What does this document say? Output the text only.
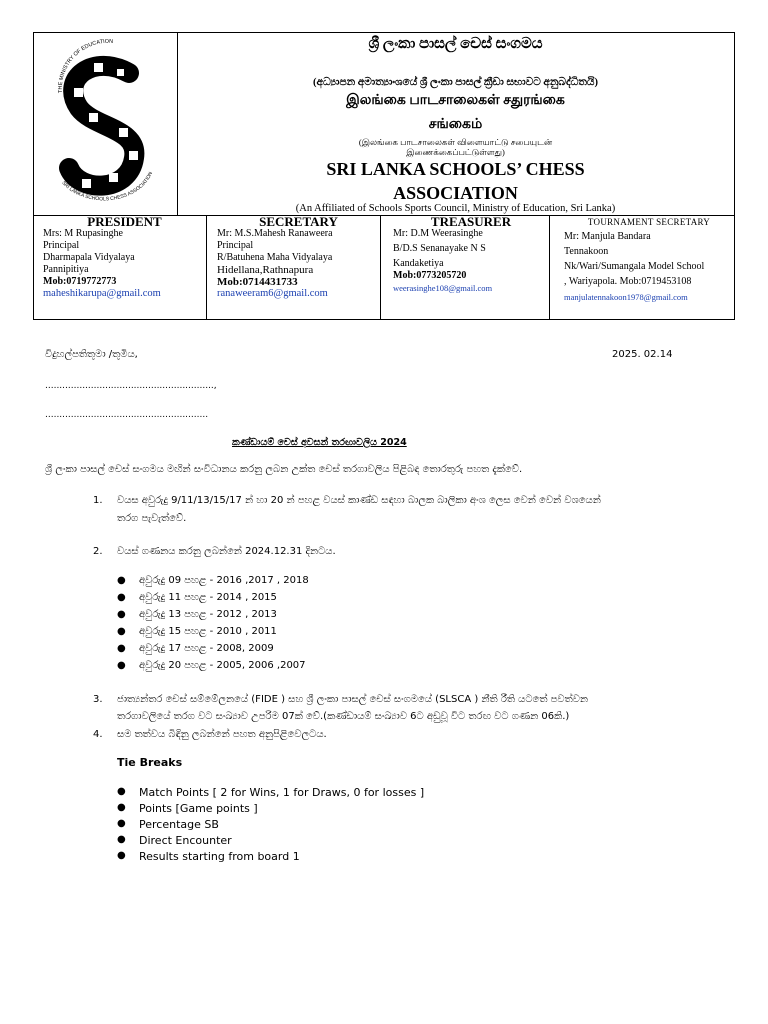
THE MINISTRY OF EDUCATION
SRI LANKA SCHOOLS CHESS ASSOCIATION
ශ්‍රී ලංකා පාසල් චෙස් සංගමය
(අධ්‍යාපන අමාත්‍යාංශයේ ශ්‍රී ලංකා පාසල් ක්‍රීඩා සභාවට අනුබද්ධිතයි)
இலங்கை பாடசாலைகள் சதுரங்கை
சங்கைம்
(இலங்கை பாடசாலைகள் விளையாட்டு சபையுடன்
இணைக்கைப்பட்டுள்ளது)
SRI LANKA SCHOOLS’ CHESS
ASSOCIATION
(An Affiliated of Schools Sports Council, Ministry of Education, Sri Lanka)
PRESIDENT
Mrs: M Rupasinghe
Principal
Dharmapala Vidyalaya
Pannipitiya
Mob:0719772773
maheshikarupa@gmail.com
SECRETARY
Mr: M.S.Mahesh Ranaweera
Principal
R/Batuhena Maha Vidyalaya
Hidellana,Rathnapura
Mob:0714431733
ranaweeram6@gmail.com
TREASURER
Mr: D.M Weerasinghe
B/D.S Senanayake N S
Kandaketiya
Mob:0773205720
weerasinghe108@gmail.com
TOURNAMENT SECRETARY
Mr: Manjula Bandara
Tennakoon
Nk/Wari/Sumangala Model School
, Wariyapola. Mob:0719453108
manjulatennakoon1978@gmail.com
විදුහල්පතිතුමා /තුමිය,	2025. 02.14
...........................................................,
.........................................................
කණ්ඩායම් චෙස් අවසන් තරඟාවලිය 2024
ශ්‍රී ලංකා පාසල් චෙස් සංගමය මඟින් සංවිධානය කරනු ලබන උක්ත චෙස් තරගාවලිය පිළිබඳ තොරතුරු පහත දැක්වේ.
1. වයස අවුරුදු 9/11/13/15/17 න් හා 20 න් පහළ වයස් කාණ්ඩ සඳහා බාලක බාලිකා අංශ ලෙස වෙන් වෙන් වශයෙන්
තරග පැවැත්වේ.
2. වයස් ගණනය කරනු ලබන්නේ 2024.12.31 දිනටය.
● අවුරුදු 09 පහළ - 2016 ,2017 , 2018
● අවුරුදු 11 පහළ - 2014 , 2015
● අවුරුදු 13 පහළ - 2012 , 2013
● අවුරුදු 15 පහළ - 2010 , 2011
● අවුරුදු 17 පහළ - 2008, 2009
● අවුරුදු 20 පහළ - 2005, 2006 ,2007
3. ජාත්‍යන්තර චෙස් සම්මේලනයේ (FIDE ) සහ ශ්‍රී ලංකා පාසල් චෙස් සංගමයේ (SLSCA ) නීති රීති යටතේ පවත්වන
තරගාවලියේ තරග වට සංඛ්‍යාව උපරිම 07ක් වේ.(කණ්ඩායම් සංඛ්‍යාව 6ට අඩුවූ විට තරඟ වට ගණන 06කි.)
4. සම තත්වය බිඳිනු ලබන්නේ පහත අනුපිළිවෙලටය.
Tie Breaks
● Match Points [ 2 for Wins, 1 for Draws, 0 for losses ]
● Points [Game points ]
● Percentage SB
● Direct Encounter
● Results starting from board 1
